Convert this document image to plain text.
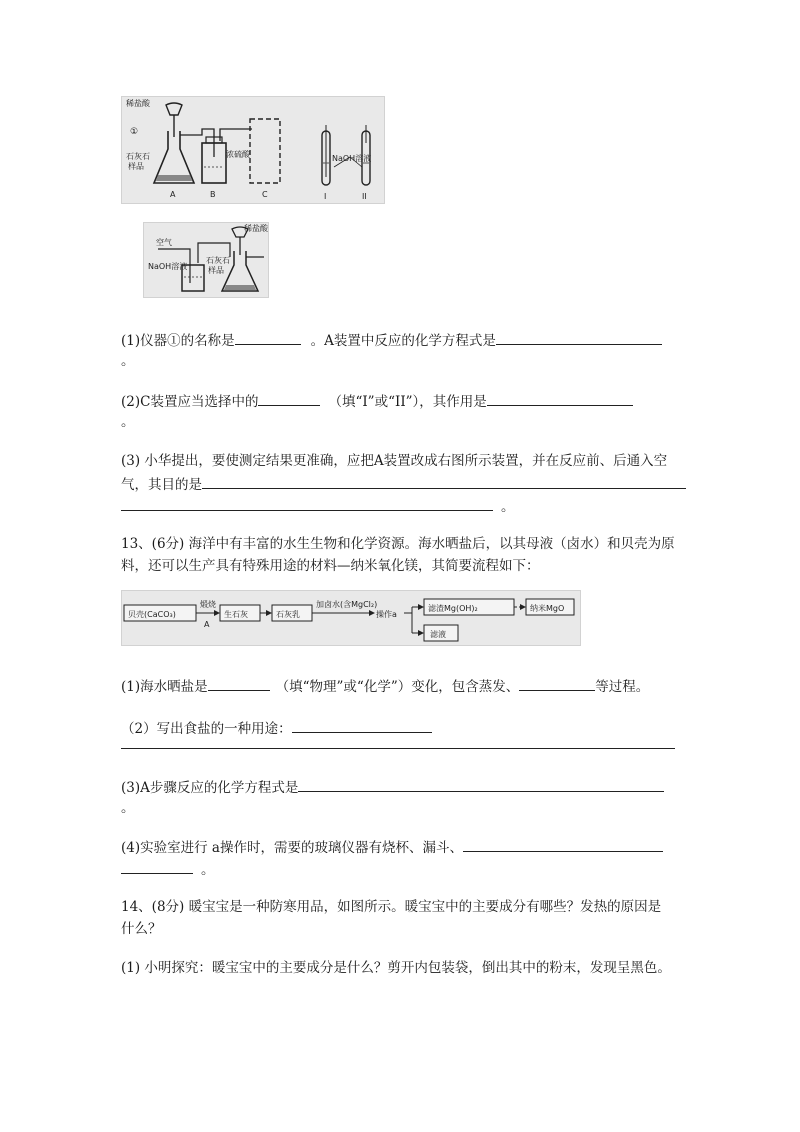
稀盐酸
①
石灰石
样品
浓硫酸
A	B	C
NaOH溶液
I	II
稀盐酸
空气
NaOH溶液
石灰石
样品
(1)仪器①的名称是	。A装置中反应的化学方程式是
。
(2)C装置应当选择中的	（填“I”或“II”），其作用是
。
(3) 小华提出，要使测定结果更准确，应把A装置改成右图所示装置，并在反应前、后通入空
气，其目的是
。
13、(6分) 海洋中有丰富的水生生物和化学资源。海水晒盐后，以其母液（卤水）和贝壳为原
料，还可以生产具有特殊用途的材料—纳米氧化镁，其简要流程如下：
贝壳(CaCO₃)	生石灰	石灰乳
滤渣Mg(OH)₂	纳米MgO
滤液
煅烧
A
加卤水(含MgCl₂)
操作a
(1)海水晒盐是	（填“物理”或“化学”）变化，包含蒸发、	等过程。
（2）写出食盐的一种用途：
(3)A步骤反应的化学方程式是
。
(4)实验室进行 a操作时，需要的玻璃仪器有烧杯、漏斗、
。
14、(8分) 暖宝宝是一种防寒用品，如图所示。暖宝宝中的主要成分有哪些？发热的原因是
什么？
(1) 小明探究：暖宝宝中的主要成分是什么？剪开内包装袋，倒出其中的粉末，发现呈黑色。
